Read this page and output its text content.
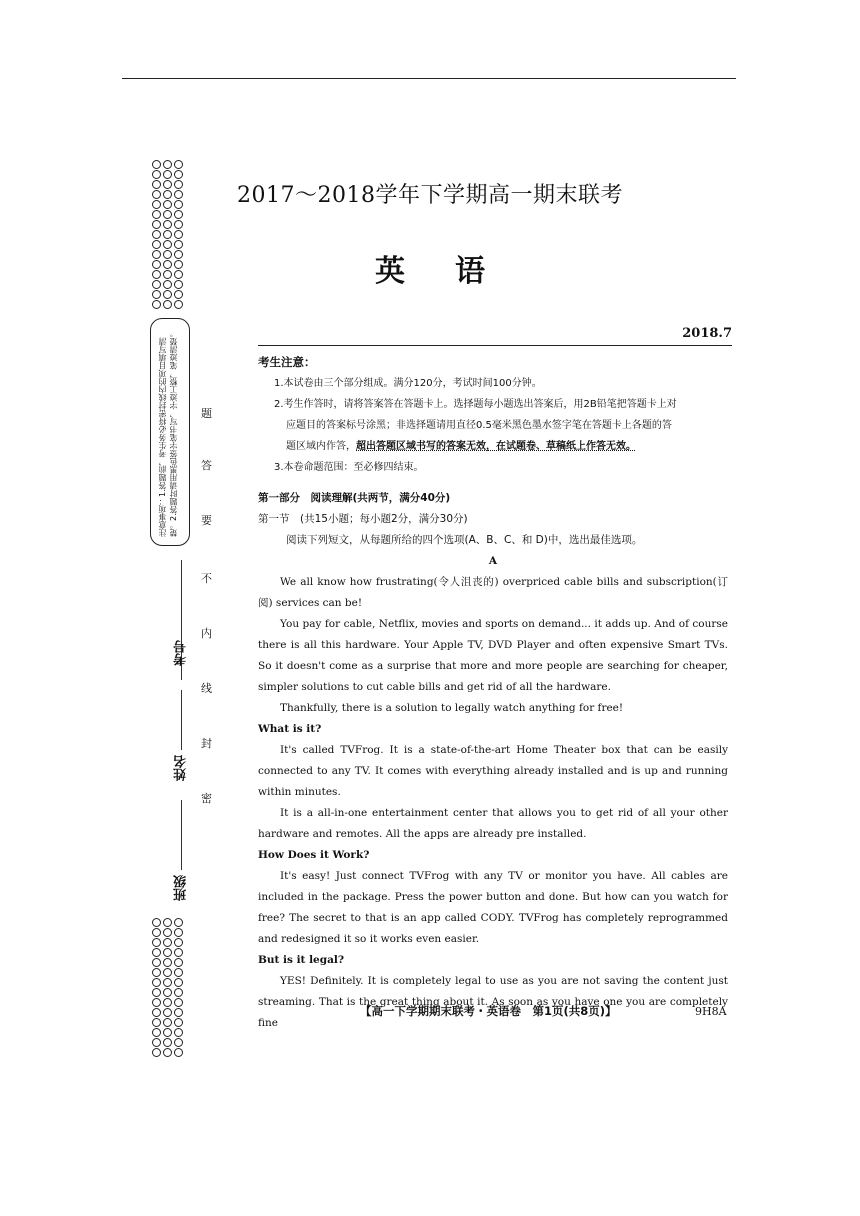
注意事项：1.答题前，考生务必将密封线内的项目填写清楚。2.答题时请用黑色签字笔书写，字迹工整，笔迹清楚。
考号
姓名
班级
题
答
要
不
内
线
封
密
2017～2018学年下学期高一期末联考
英语
2018.7

考生注意：

1.本试卷由三个部分组成。满分120分，考试时间100分钟。

2.考生作答时，请将答案答在答题卡上。选择题每小题选出答案后，用2B铅笔把答题卡上对

应题目的答案标号涂黑；非选择题请用直径0.5毫米黑色墨水签字笔在答题卡上各题的答

题区域内作答，超出答题区域书写的答案无效，在试题卷、草稿纸上作答无效。

3.本卷命题范围：至必修四结束。

第一部分　阅读理解(共两节，满分40分)

第一节　(共15小题；每小题2分，满分30分)

阅读下列短文，从每题所给的四个选项(A、B、C、和 D)中，选出最佳选项。

A

We all know how frustrating(令人沮丧的) overpriced cable bills and subscription(订阅) services can be!

You pay for cable, Netflix, movies and sports on demand... it adds up. And of course there is all this hardware. Your Apple TV, DVD Player and often expensive Smart TVs. So it doesn't come as a surprise that more and more people are searching for cheaper, simpler solutions to cut cable bills and get rid of all the hardware.

Thankfully, there is a solution to legally watch anything for free!

What is it?

It's called TVFrog. It is a state-of-the-art Home Theater box that can be easily connected to any TV. It comes with everything already installed and is up and running within minutes.

It is a all-in-one entertainment center that allows you to get rid of all your other hardware and remotes. All the apps are already pre installed.

How Does it Work?

It's easy! Just connect TVFrog with any TV or monitor you have. All cables are included in the package. Press the power button and done. But how can you watch for free? The secret to that is an app called CODY. TVFrog has completely reprogrammed and redesigned it so it works even easier.

But is it legal?

YES! Definitely. It is completely legal to use as you are not saving the content just streaming. That is the great thing about it. As soon as you have one you are completely fine

【高一下学期期末联考・英语卷　第1页(共8页)】	9H8A
